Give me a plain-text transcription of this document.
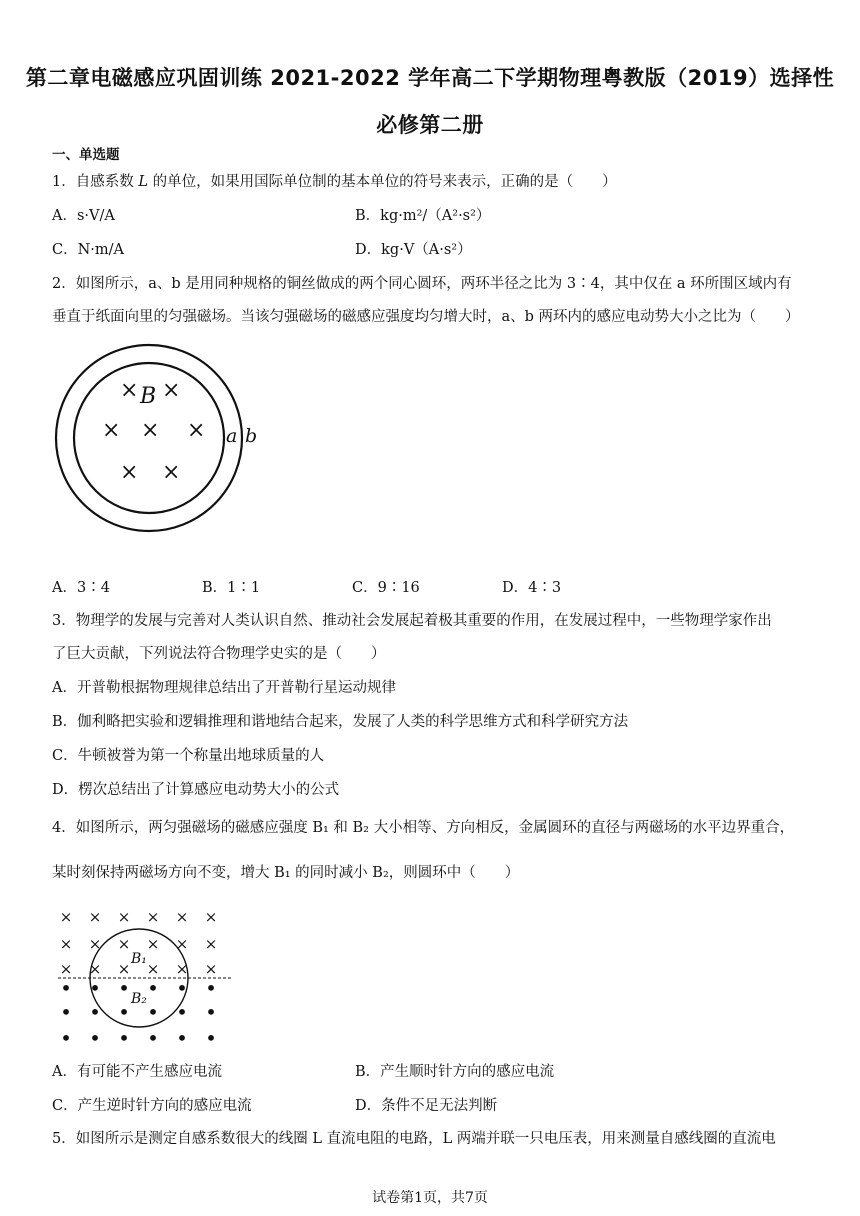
第二章电磁感应巩固训练 2021-2022 学年高二下学期物理粤教版（2019）选择性
必修第二册
一、单选题
1．自感系数 L 的单位，如果用国际单位制的基本单位的符号来表示，正确的是（　　）
A．s·V/A	B．kg·m²/（A²·s²）
C．N·m/A	D．kg·V（A·s²）
2．如图所示，a、b 是用同种规格的铜丝做成的两个同心圆环，两环半径之比为 3∶4，其中仅在 a 环所围区域内有
垂直于纸面向里的匀强磁场。当该匀强磁场的磁感应强度均匀增大时，a、b 两环内的感应电动势大小之比为（　　）
× ×
× × ×
× ×
B
a b
A．3∶4	B．1∶1	C．9∶16	D．4∶3
3．物理学的发展与完善对人类认识自然、推动社会发展起着极其重要的作用，在发展过程中，一些物理学家作出
了巨大贡献，下列说法符合物理学史实的是（　　）
A．开普勒根据物理规律总结出了开普勒行星运动规律
B．伽利略把实验和逻辑推理和谐地结合起来，发展了人类的科学思维方式和科学研究方法
C．牛顿被誉为第一个称量出地球质量的人
D．楞次总结出了计算感应电动势大小的公式
4．如图所示，两匀强磁场的磁感应强度 B₁ 和 B₂ 大小相等、方向相反，金属圆环的直径与两磁场的水平边界重合，
某时刻保持两磁场方向不变，增大 B₁ 的同时减小 B₂，则圆环中（　　）
× × × × × ×
× × × × × ×
× × × × × ×
• • • • • •
• • • • • •
• • • • • •
B₁
B₂
A．有可能不产生感应电流	B．产生顺时针方向的感应电流
C．产生逆时针方向的感应电流	D．条件不足无法判断
5．如图所示是测定自感系数很大的线圈 L 直流电阻的电路，L 两端并联一只电压表，用来测量自感线圈的直流电
试卷第1页，共7页
